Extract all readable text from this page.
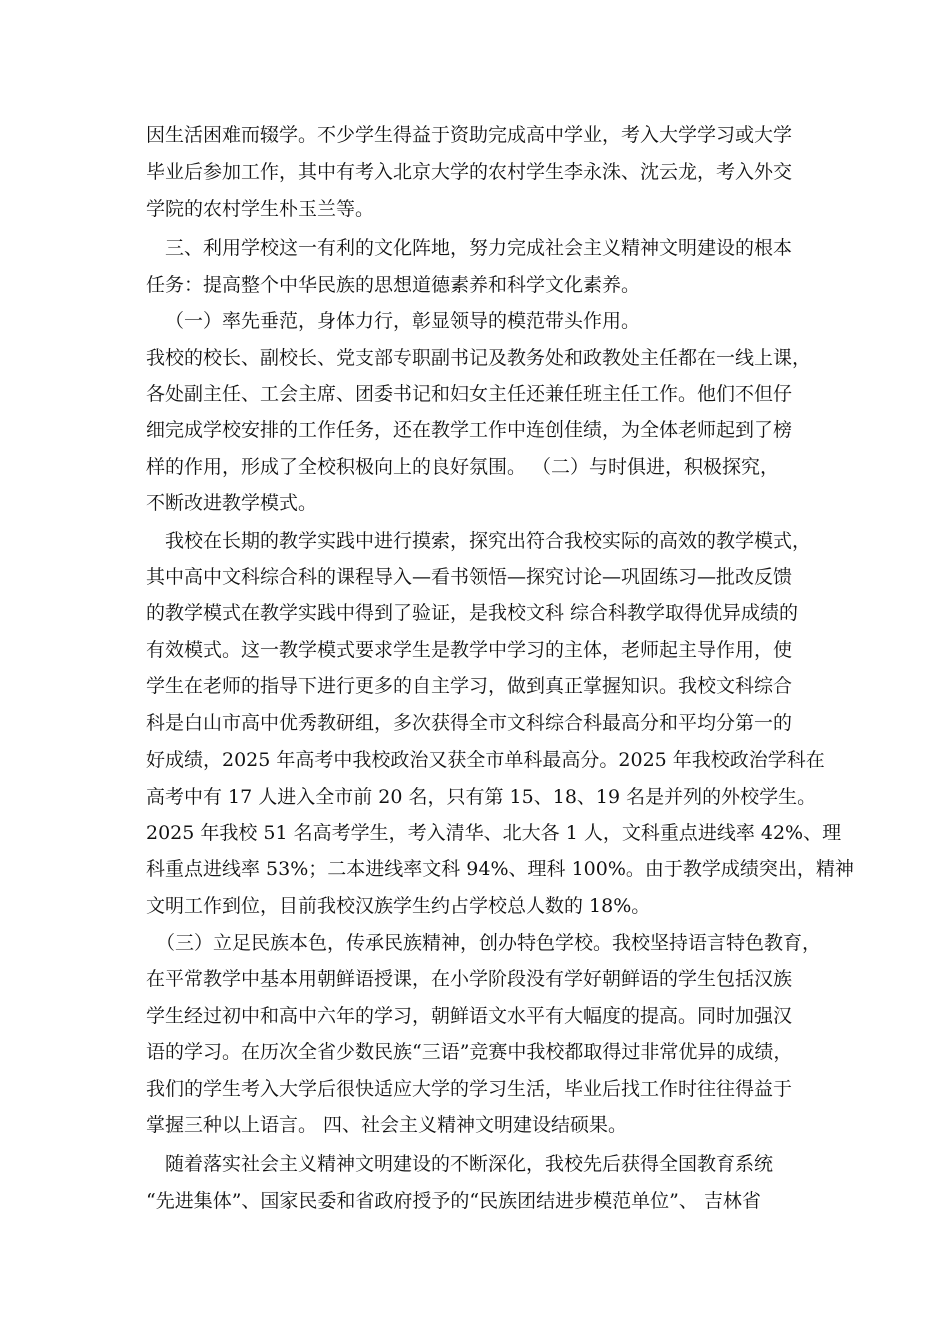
因生活困难而辍学。不少学生得益于资助完成高中学业，考入大学学习或大学

毕业后参加工作，其中有考入北京大学的农村学生李永洙、沈云龙，考入外交

学院的农村学生朴玉兰等。

三、利用学校这一有利的文化阵地，努力完成社会主义精神文明建设的根本

任务：提高整个中华民族的思想道德素养和科学文化素养。

（一）率先垂范，身体力行，彰显领导的模范带头作用。

我校的校长、副校长、党支部专职副书记及教务处和政教处主任都在一线上课，

各处副主任、工会主席、团委书记和妇女主任还兼任班主任工作。他们不但仔

细完成学校安排的工作任务，还在教学工作中连创佳绩，为全体老师起到了榜

样的作用，形成了全校积极向上的良好氛围。 （二）与时俱进，积极探究，

不断改进教学模式。

我校在长期的教学实践中进行摸索，探究出符合我校实际的高效的教学模式，

其中高中文科综合科的课程导入—看书领悟—探究讨论—巩固练习—批改反馈

的教学模式在教学实践中得到了验证，是我校文科 综合科教学取得优异成绩的

有效模式。这一教学模式要求学生是教学中学习的主体，老师起主导作用，使

学生在老师的指导下进行更多的自主学习，做到真正掌握知识。我校文科综合

科是白山市高中优秀教研组，多次获得全市文科综合科最高分和平均分第一的

好成绩，2025 年高考中我校政治又获全市单科最高分。2025 年我校政治学科在

高考中有 17 人进入全市前 20 名，只有第 15、18、19 名是并列的外校学生。

2025 年我校 51 名高考学生，考入清华、北大各 1 人，文科重点进线率 42%、理

科重点进线率 53%；二本进线率文科 94%、理科 100%。由于教学成绩突出，精神

文明工作到位，目前我校汉族学生约占学校总人数的 18%。

（三）立足民族本色，传承民族精神，创办特色学校。我校坚持语言特色教育，

在平常教学中基本用朝鲜语授课，在小学阶段没有学好朝鲜语的学生包括汉族

学生经过初中和高中六年的学习，朝鲜语文水平有大幅度的提高。同时加强汉

语的学习。在历次全省少数民族“三语”竞赛中我校都取得过非常优异的成绩，

我们的学生考入大学后很快适应大学的学习生活，毕业后找工作时往往得益于

掌握三种以上语言。 四、社会主义精神文明建设结硕果。

随着落实社会主义精神文明建设的不断深化，我校先后获得全国教育系统

“先进集体”、国家民委和省政府授予的“民族团结进步模范单位”、 吉林省
